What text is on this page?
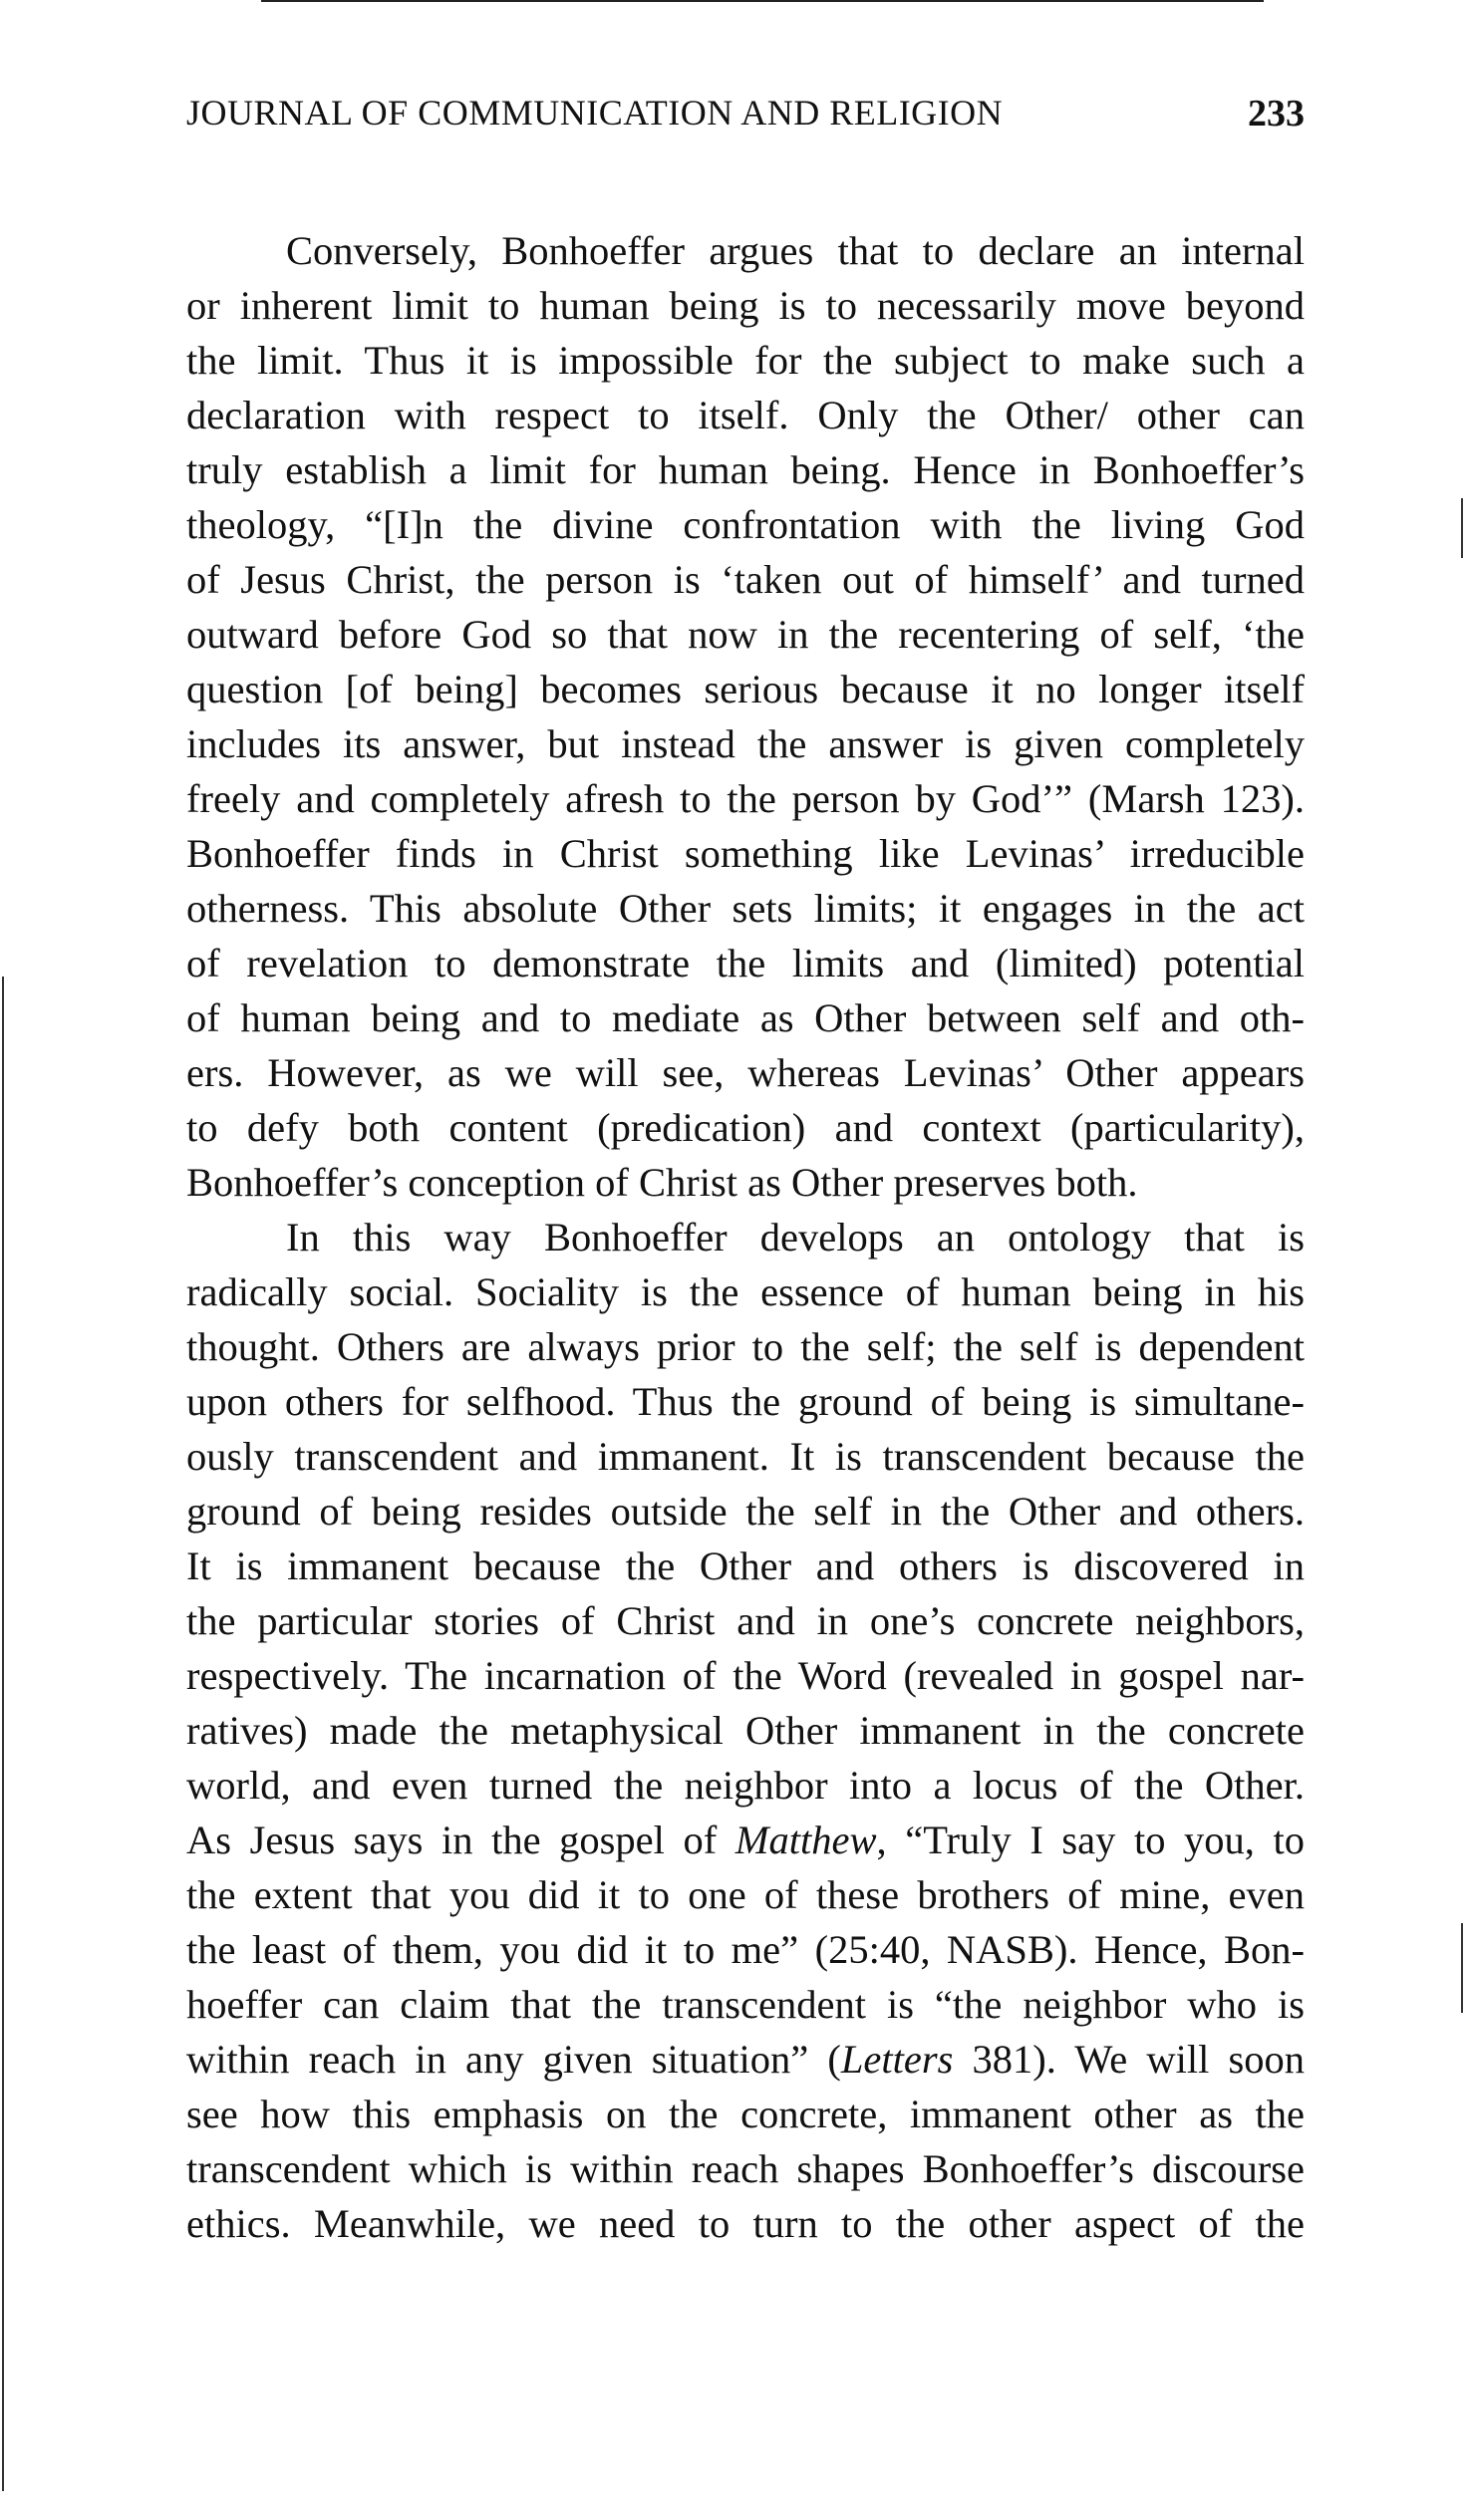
JOURNAL OF COMMUNICATION AND RELIGION	233
Conversely, Bonhoeffer argues that to declare an internal
or inherent limit to human being is to necessarily move beyond
the limit. Thus it is impossible for the subject to make such a
declaration with respect to itself. Only the Other/ other can
truly establish a limit for human being. Hence in Bonhoeffer’s
theology, “[I]n the divine confrontation with the living God
of Jesus Christ, the person is ‘taken out of himself’ and turned
outward before God so that now in the recentering of self, ‘the
question [of being] becomes serious because it no longer itself
includes its answer, but instead the answer is given completely
freely and completely afresh to the person by God’” (Marsh 123).
Bonhoeffer finds in Christ something like Levinas’ irreducible
otherness. This absolute Other sets limits; it engages in the act
of revelation to demonstrate the limits and (limited) potential
of human being and to mediate as Other between self and oth-
ers. However, as we will see, whereas Levinas’ Other appears
to defy both content (predication) and context (particularity),
Bonhoeffer’s conception of Christ as Other preserves both.
In this way Bonhoeffer develops an ontology that is
radically social. Sociality is the essence of human being in his
thought. Others are always prior to the self; the self is dependent
upon others for selfhood. Thus the ground of being is simultane-
ously transcendent and immanent. It is transcendent because the
ground of being resides outside the self in the Other and others.
It is immanent because the Other and others is discovered in
the particular stories of Christ and in one’s concrete neighbors,
respectively. The incarnation of the Word (revealed in gospel nar-
ratives) made the metaphysical Other immanent in the concrete
world, and even turned the neighbor into a locus of the Other.
As Jesus says in the gospel of Matthew, “Truly I say to you, to
the extent that you did it to one of these brothers of mine, even
the least of them, you did it to me” (25:40, NASB). Hence, Bon-
hoeffer can claim that the transcendent is “the neighbor who is
within reach in any given situation” (Letters 381). We will soon
see how this emphasis on the concrete, immanent other as the
transcendent which is within reach shapes Bonhoeffer’s discourse
ethics. Meanwhile, we need to turn to the other aspect of the
